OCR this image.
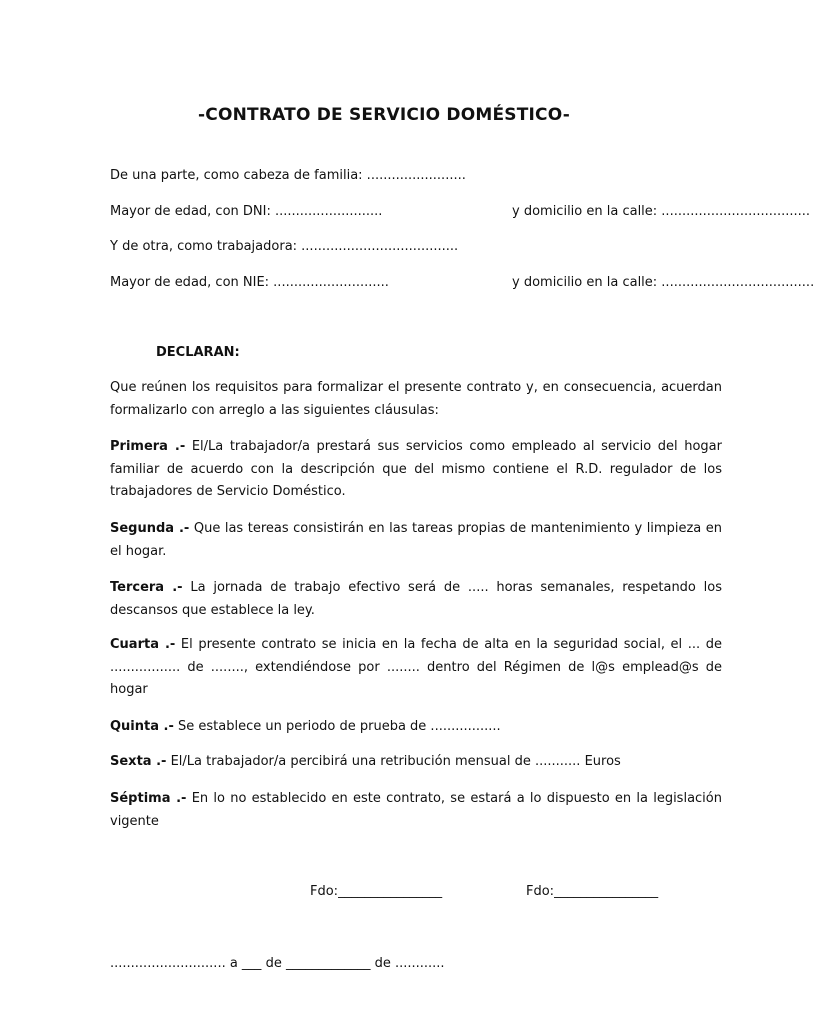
-CONTRATO DE SERVICIO DOMÉSTICO-
De una parte, como cabeza de familia: ........................
Mayor de edad, con DNI: ..........................	y domicilio en la calle: ....................................
Y de otra, como trabajadora: ......................................
Mayor de edad, con NIE: ............................	y domicilio en la calle: .....................................
DECLARAN:
Que reúnen los requisitos para formalizar el presente contrato y, en consecuencia, acuerdan formalizarlo con arreglo a las siguientes cláusulas:
Primera .- El/La trabajador/a prestará sus servicios como empleado al servicio del hogar familiar de acuerdo con la descripción que del mismo contiene el R.D. regulador de los trabajadores de Servicio Doméstico.
Segunda .- Que las tereas consistirán en las tareas propias de mantenimiento y limpieza en el hogar.
Tercera .- La jornada de trabajo efectivo será de ..... horas semanales, respetando los descansos que establece la ley.
Cuarta .- El presente contrato se inicia en la fecha de alta en la seguridad social, el ... de ................. de ........, extendiéndose por ........ dentro del Régimen de l@s emplead@s de hogar
Quinta .- Se establece un periodo de prueba de .................
Sexta .- El/La trabajador/a percibirá una retribución mensual de ........... Euros
Séptima .- En lo no establecido en este contrato, se estará a lo dispuesto en la legislación vigente
Fdo:________________	Fdo:________________
............................ a ___ de _____________ de ............
